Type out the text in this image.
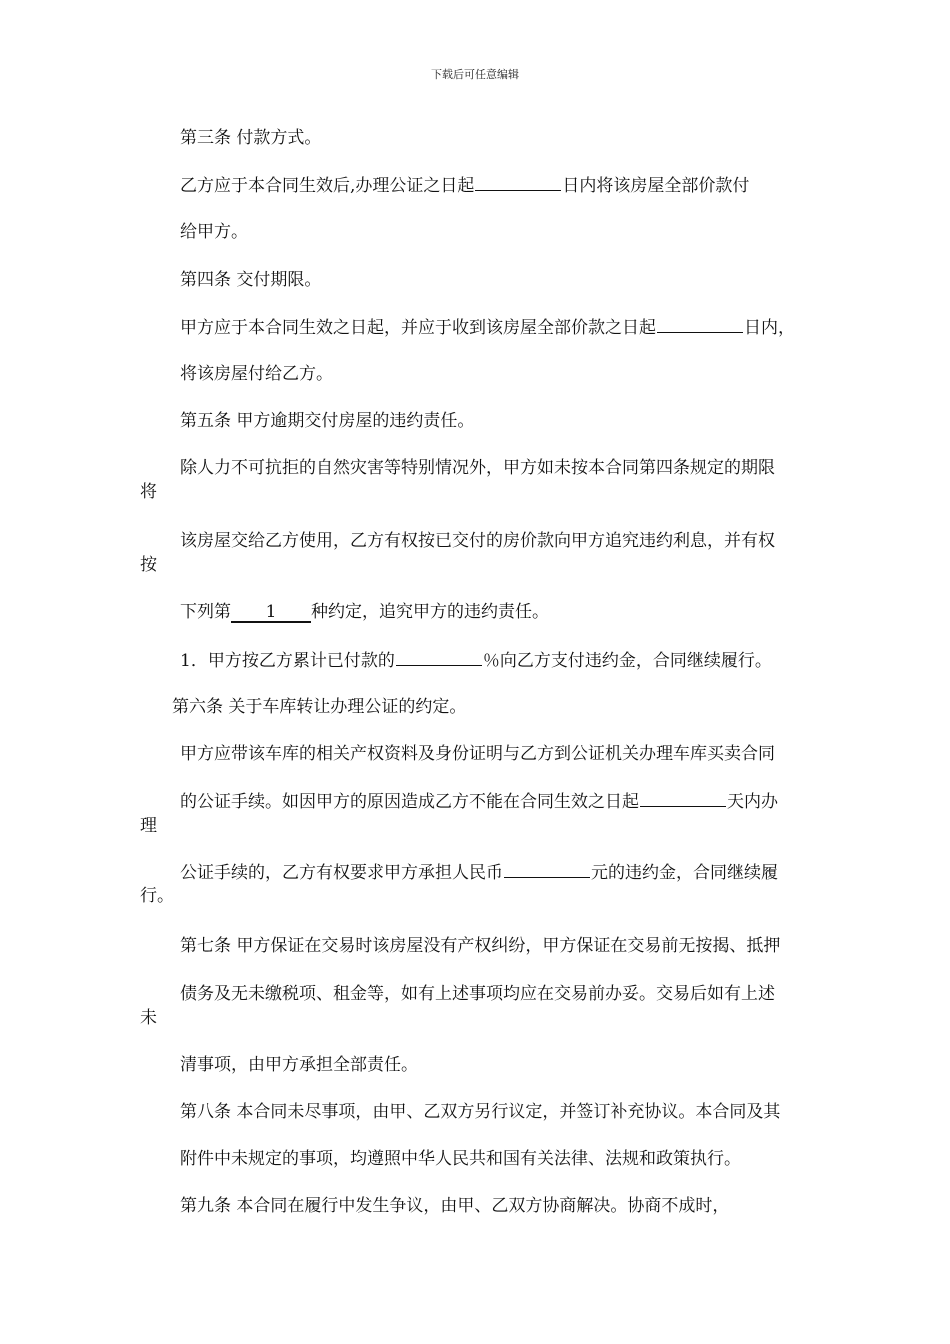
下载后可任意编辑
第三条 付款方式。
乙方应于本合同生效后,办理公证之日起	日内将该房屋全部价款付
给甲方。
第四条 交付期限。
甲方应于本合同生效之日起，并应于收到该房屋全部价款之日起	日内，
将该房屋付给乙方。
第五条 甲方逾期交付房屋的违约责任。
除人力不可抗拒的自然灾害等特别情况外，甲方如未按本合同第四条规定的期限
将
该房屋交给乙方使用，乙方有权按已交付的房价款向甲方追究违约利息，并有权
按
下列第 1 种约定，追究甲方的违约责任。
1．甲方按乙方累计已付款的	％向乙方支付违约金，合同继续履行。
第六条 关于车库转让办理公证的约定。
甲方应带该车库的相关产权资料及身份证明与乙方到公证机关办理车库买卖合同
的公证手续。如因甲方的原因造成乙方不能在合同生效之日起	天内办
理
公证手续的，乙方有权要求甲方承担人民币	元的违约金，合同继续履
行。
第七条 甲方保证在交易时该房屋没有产权纠纷，甲方保证在交易前无按揭、抵押
债务及无未缴税项、租金等，如有上述事项均应在交易前办妥。交易后如有上述
未
清事项，由甲方承担全部责任。
第八条 本合同未尽事项，由甲、乙双方另行议定，并签订补充协议。本合同及其
附件中未规定的事项，均遵照中华人民共和国有关法律、法规和政策执行。
第九条 本合同在履行中发生争议，由甲、乙双方协商解决。协商不成时，
